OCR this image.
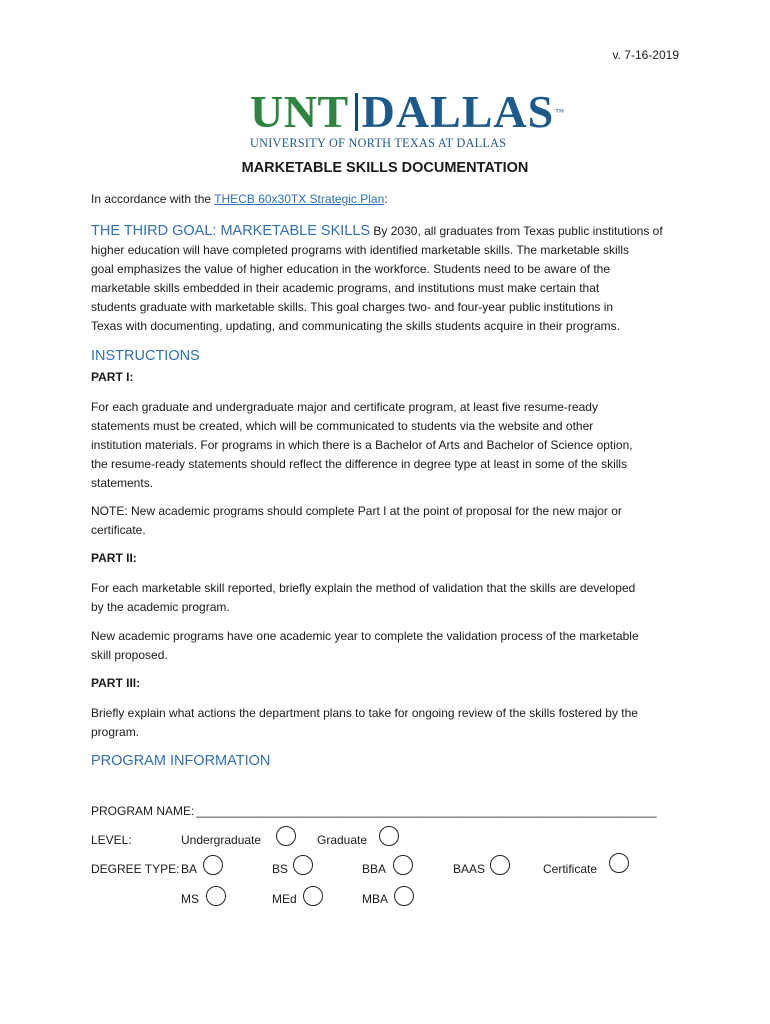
v. 7-16-2019
UNT DALLAS™
UNIVERSITY OF NORTH TEXAS AT DALLAS
MARKETABLE SKILLS DOCUMENTATION
In accordance with the THECB 60x30TX Strategic Plan:
THE THIRD GOAL: MARKETABLE SKILLS By 2030, all graduates from Texas public institutions of
higher education will have completed programs with identified marketable skills. The marketable skills
goal emphasizes the value of higher education in the workforce. Students need to be aware of the
marketable skills embedded in their academic programs, and institutions must make certain that
students graduate with marketable skills. This goal charges two- and four-year public institutions in
Texas with documenting, updating, and communicating the skills students acquire in their programs.
INSTRUCTIONS
PART I:
For each graduate and undergraduate major and certificate program, at least five resume-ready
statements must be created, which will be communicated to students via the website and other
institution materials. For programs in which there is a Bachelor of Arts and Bachelor of Science option,
the resume-ready statements should reflect the difference in degree type at least in some of the skills
statements.
NOTE: New academic programs should complete Part I at the point of proposal for the new major or
certificate.
PART II:
For each marketable skill reported, briefly explain the method of validation that the skills are developed
by the academic program.
New academic programs have one academic year to complete the validation process of the marketable
skill proposed.
PART III:
Briefly explain what actions the department plans to take for ongoing review of the skills fostered by the
program.
PROGRAM INFORMATION
PROGRAM NAME: _____________________________________________________________________
LEVEL:	Undergraduate	Graduate
DEGREE TYPE: BA	BS	BBA	BAAS	Certificate
MS	MEd	MBA
